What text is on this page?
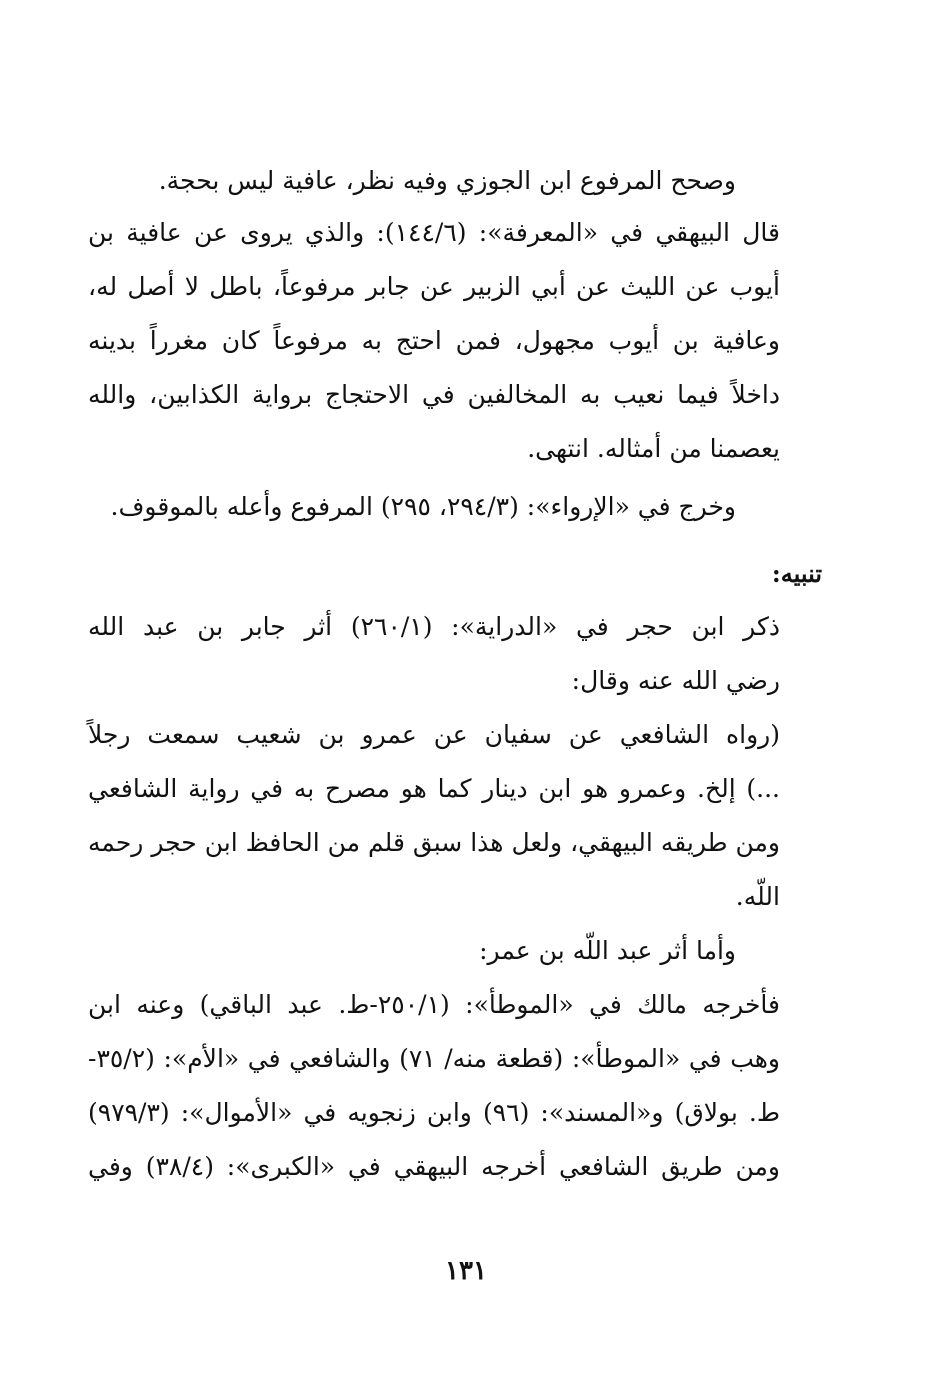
وصحح المرفوع ابن الجوزي وفيه نظر، عافية ليس بحجة.
قال البيهقي في «المعرفة»: (١٤٤/٦): والذي يروى عن عافية بن
أيوب عن الليث عن أبي الزبير عن جابر مرفوعاً، باطل لا أصل له،
وعافية بن أيوب مجهول، فمن احتج به مرفوعاً كان مغرراً بدينه
داخلاً فيما نعيب به المخالفين في الاحتجاج برواية الكذابين، والله
يعصمنا من أمثاله. انتهى.
وخرج في «الإرواء»: (٢٩٤/٣، ٢٩٥) المرفوع وأعله بالموقوف.
تنبيه:
ذكر ابن حجر في «الدراية»: (٢٦٠/١) أثر جابر بن عبد الله
رضي الله عنه وقال:
(رواه الشافعي عن سفيان عن عمرو بن شعيب سمعت رجلاً
...) إلخ. وعمرو هو ابن دينار كما هو مصرح به في رواية الشافعي
ومن طريقه البيهقي، ولعل هذا سبق قلم من الحافظ ابن حجر رحمه
اللّه.
وأما أثر عبد اللّه بن عمر:
فأخرجه مالك في «الموطأ»: (٢٥٠/١-ط. عبد الباقي) وعنه ابن
وهب في «الموطأ»: (قطعة منه/ ٧١) والشافعي في «الأم»: (٣٥/٢-
ط. بولاق) و«المسند»: (٩٦) وابن زنجويه في «الأموال»: (٩٧٩/٣)
ومن طريق الشافعي أخرجه البيهقي في «الكبرى»: (٣٨/٤) وفي
١٣١
